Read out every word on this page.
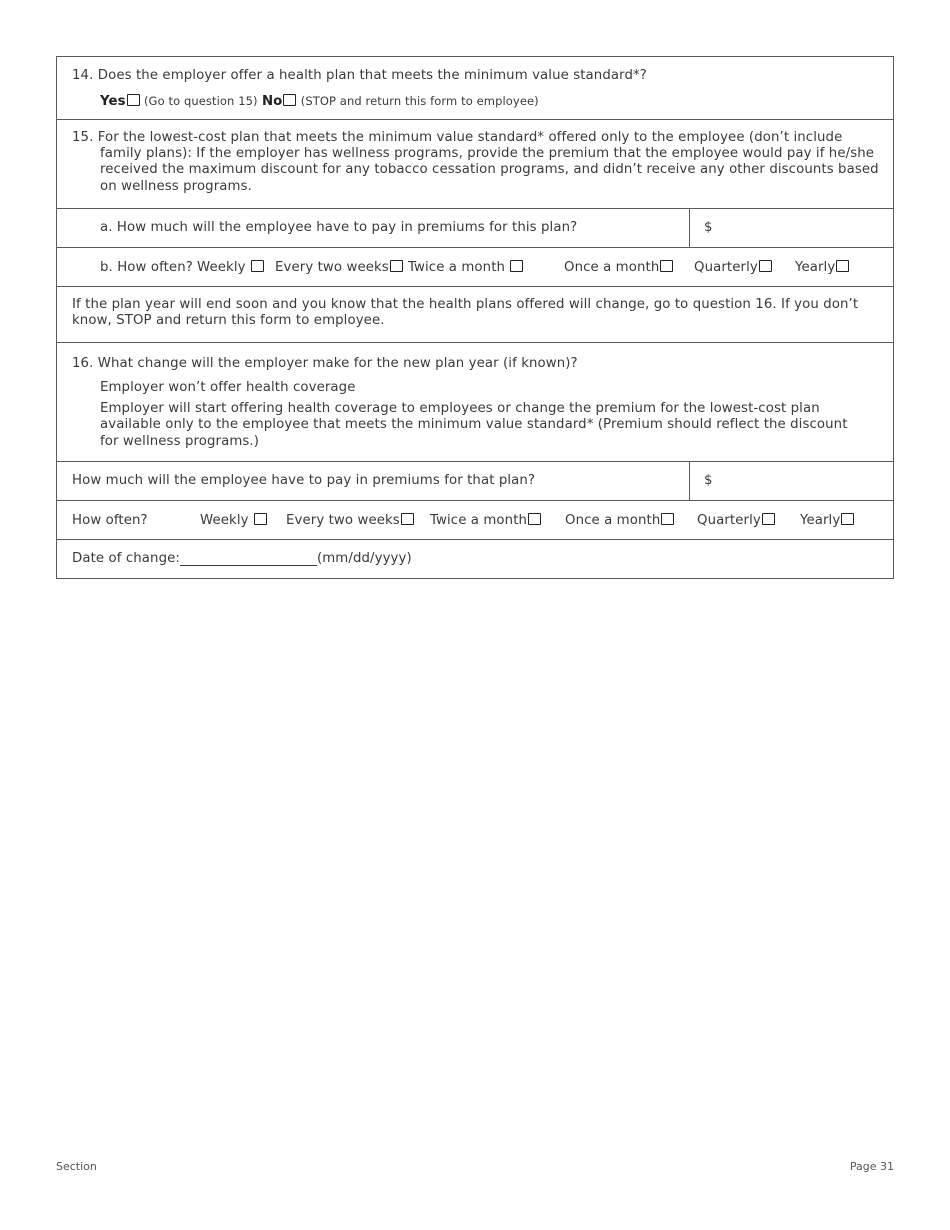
14. Does the employer offer a health plan that meets the minimum value standard*?
Yes (Go to question 15) No (STOP and return this form to employee)
15. For the lowest-cost plan that meets the minimum value standard* offered only to the employee (don’t include
family plans): If the employer has wellness programs, provide the premium that the employee would pay if he/she received the maximum discount for any tobacco cessation programs, and didn’t receive any other discounts based on wellness programs.
a. How much will the employee have to pay in premiums for this plan?	$
b. How often? Weekly	Every two weeks	Twice a month	Once a month	Quarterly	Yearly
If the plan year will end soon and you know that the health plans offered will change, go to question 16. If you don’t know, STOP and return this form to employee.
16. What change will the employer make for the new plan year (if known)?
Employer won’t offer health coverage
Employer will start offering health coverage to employees or change the premium for the lowest-cost plan available only to the employee that meets the minimum value standard* (Premium should reflect the discount for wellness programs.)
How much will the employee have to pay in premiums for that plan?	$
How often?	Weekly	Every two weeks	Twice a month	Once a month	Quarterly	Yearly
Date of change:	(mm/dd/yyyy)
Section	Page 31
